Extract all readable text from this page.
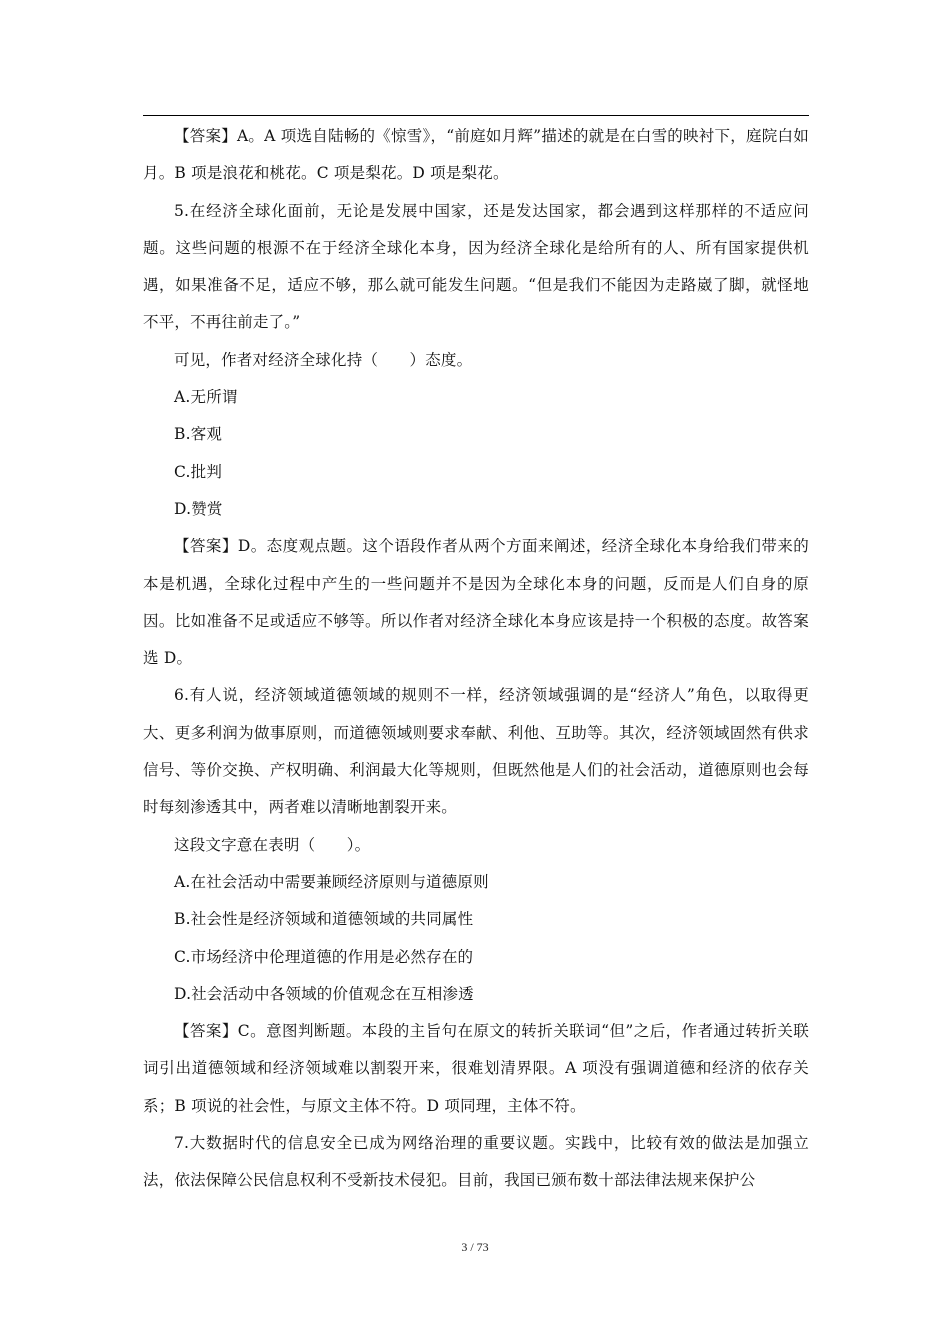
【答案】A。A 项选自陆畅的《惊雪》，“前庭如月辉”描述的就是在白雪的映衬下，庭院白如月。B 项是浪花和桃花。C 项是梨花。D 项是梨花。

5.在经济全球化面前，无论是发展中国家，还是发达国家，都会遇到这样那样的不适应问题。这些问题的根源不在于经济全球化本身，因为经济全球化是给所有的人、所有国家提供机遇，如果准备不足，适应不够，那么就可能发生问题。“但是我们不能因为走路崴了脚，就怪地不平，不再往前走了。”

可见，作者对经济全球化持（　　）态度。

A.无所谓

B.客观

C.批判

D.赞赏

【答案】D。态度观点题。这个语段作者从两个方面来阐述，经济全球化本身给我们带来的本是机遇，全球化过程中产生的一些问题并不是因为全球化本身的问题，反而是人们自身的原因。比如准备不足或适应不够等。所以作者对经济全球化本身应该是持一个积极的态度。故答案选 D。

6.有人说，经济领域道德领域的规则不一样，经济领域强调的是“经济人”角色，以取得更大、更多利润为做事原则，而道德领域则要求奉献、利他、互助等。其次，经济领域固然有供求信号、等价交换、产权明确、利润最大化等规则，但既然他是人们的社会活动，道德原则也会每时每刻渗透其中，两者难以清晰地割裂开来。

这段文字意在表明（　　）。

A.在社会活动中需要兼顾经济原则与道德原则

B.社会性是经济领域和道德领域的共同属性

C.市场经济中伦理道德的作用是必然存在的

D.社会活动中各领域的价值观念在互相渗透

【答案】C。意图判断题。本段的主旨句在原文的转折关联词“但”之后，作者通过转折关联词引出道德领域和经济领域难以割裂开来，很难划清界限。A 项没有强调道德和经济的依存关系；B 项说的社会性，与原文主体不符。D 项同理，主体不符。

7.大数据时代的信息安全已成为网络治理的重要议题。实践中，比较有效的做法是加强立法，依法保障公民信息权利不受新技术侵犯。目前，我国已颁布数十部法律法规来保护公

3 / 73
